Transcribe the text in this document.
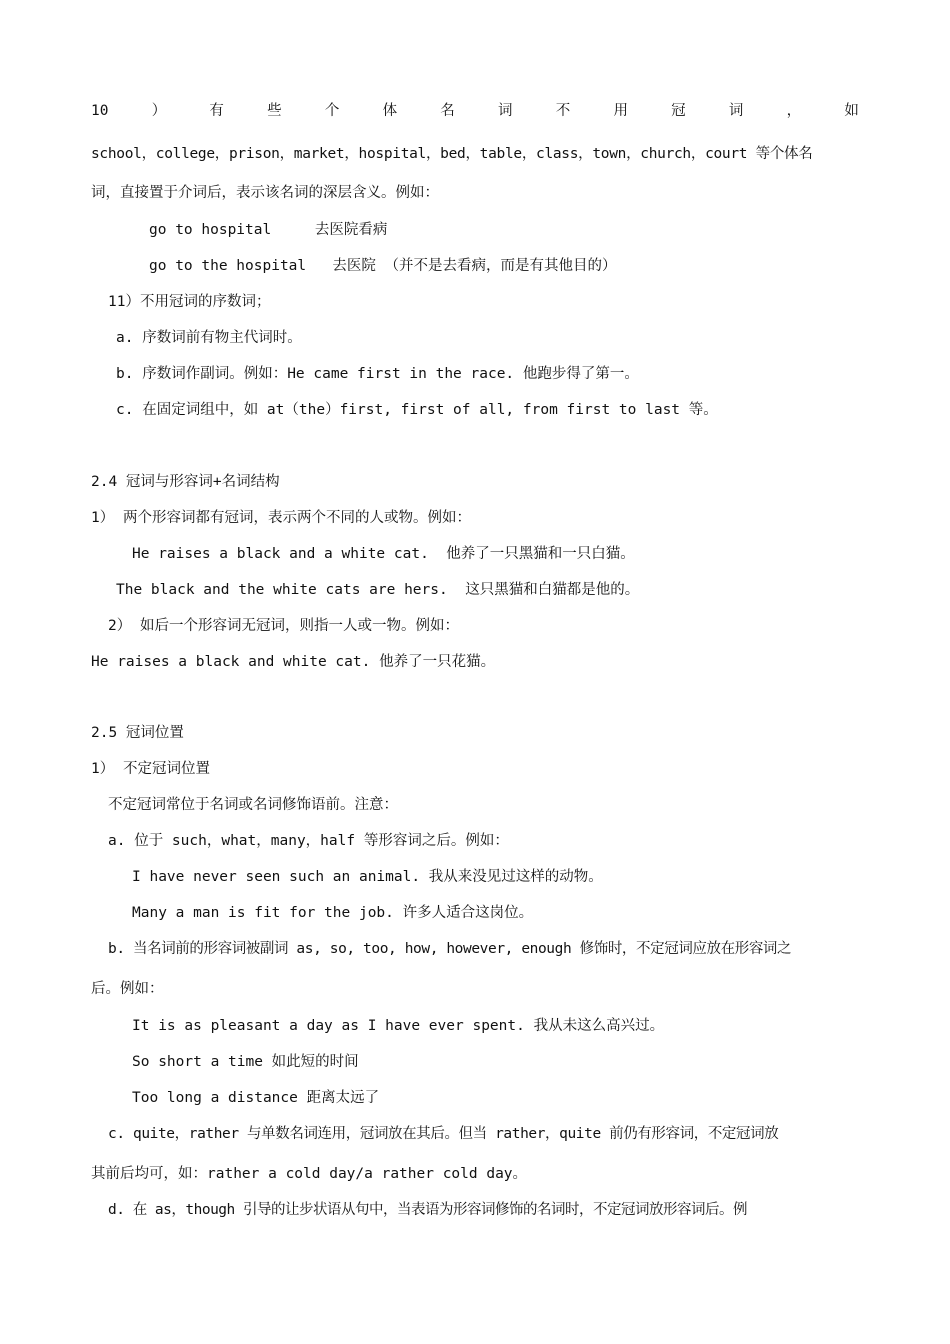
10	）	有	些	个	体	名	词	不	用	冠	词	，	如
school，college，prison，market，hospital，bed，table，class，town，church，court 等个体名
词，直接置于介词后，表示该名词的深层含义。例如：
go to hospital     去医院看病
go to the hospital   去医院 （并不是去看病，而是有其他目的）
11）不用冠词的序数词；
a. 序数词前有物主代词时。
b. 序数词作副词。例如：He came first in the race. 他跑步得了第一。
c. 在固定词组中，如 at（the）first, first of all, from first to last 等。
2.4 冠词与形容词+名词结构
1） 两个形容词都有冠词，表示两个不同的人或物。例如：
He raises a black and a white cat.  他养了一只黑猫和一只白猫。
The black and the white cats are hers.  这只黑猫和白猫都是他的。
2） 如后一个形容词无冠词，则指一人或一物。例如：
He raises a black and white cat. 他养了一只花猫。
2.5 冠词位置
1） 不定冠词位置
不定冠词常位于名词或名词修饰语前。注意：
a. 位于 such，what，many，half 等形容词之后。例如：
I have never seen such an animal. 我从来没见过这样的动物。
Many a man is fit for the job. 许多人适合这岗位。
b. 当名词前的形容词被副词 as, so, too, how, however, enough 修饰时，不定冠词应放在形容词之
后。例如：
It is as pleasant a day as I have ever spent. 我从未这么高兴过。
So short a time 如此短的时间
Too long a distance 距离太远了
c. quite，rather 与单数名词连用，冠词放在其后。但当 rather，quite 前仍有形容词，不定冠词放
其前后均可，如：rather a cold day/a rather cold day。
d. 在 as，though 引导的让步状语从句中，当表语为形容词修饰的名词时，不定冠词放形容词后。例
